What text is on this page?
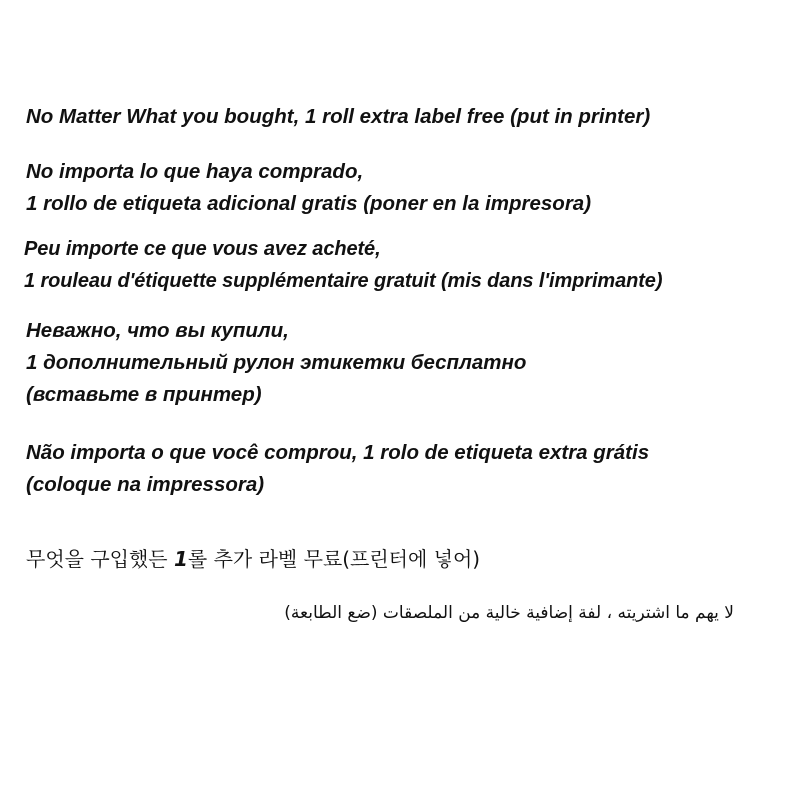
No Matter What you bought, 1 roll extra label free (put in printer)
No importa lo que haya comprado,
1 rollo de etiqueta adicional gratis (poner en la impresora)
Peu importe ce que vous avez acheté,
1 rouleau d'étiquette supplémentaire gratuit (mis dans l'imprimante)
Неважно, что вы купили,
1 дополнительный рулон этикетки бесплатно
(вставьте в принтер)
Não importa o que você comprou, 1 rolo de etiqueta extra grátis
(coloque na impressora)
무엇을 구입했든 1롤 추가 라벨 무료(프린터에 넣어)
لا يهم ما اشتريته ، لفة إضافية خالية من الملصقات (ضع الطابعة)
